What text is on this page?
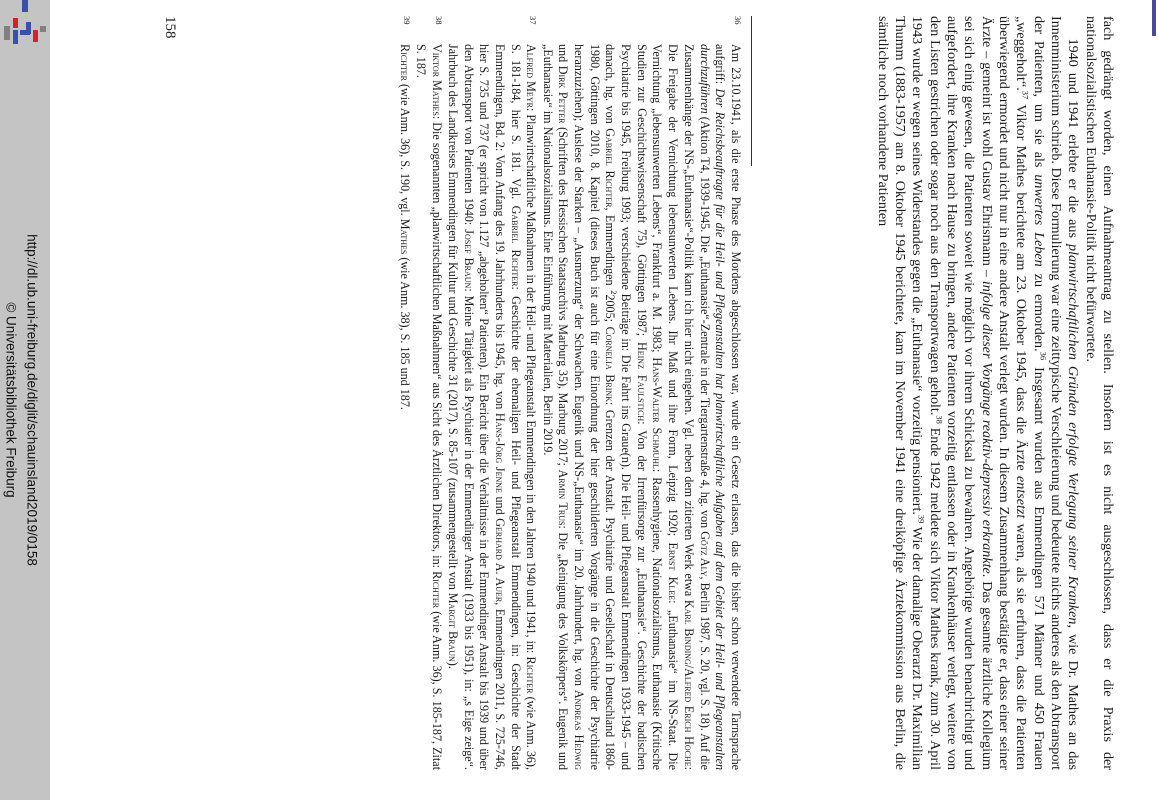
http://dl.ub.uni-freiburg.de/diglit/schauinsland2019/0158
© Universitätsbibliothek Freiburg	fach gedrängt worden, einen Aufnahmeantrag zu stellen. Insofern ist es nicht ausgeschlossen, dass er die Praxis der nationalsozialistischen Euthanasie-Politik nicht befürwortete.

1940 und 1941 erlebte er die aus planwirtschaftlichen Gründen erfolgte Verlegung seiner Kranken, wie Dr. Mathes an das Innenministerium schrieb. Diese Formulierung war eine zeittypische Verschleierung und bedeutete nichts anderes als den Abtransport der Patienten, um sie als unwertes Leben zu ermorden.$^{36}$ Insgesamt wurden aus Emmendingen 571 Männer und 450 Frauen „weggeholt“.$^{37}$ Viktor Mathes berichtete am 23. Oktober 1945, dass die Ärzte entsetzt waren, als sie erfuhren, dass die Patienten überwiegend ermordet und nicht nur in eine andere Anstalt verlegt wurden. In diesem Zusammenhang bestätigte er, dass einer seiner Ärzte – gemeint ist wohl Gustav Ehrismann – infolge dieser Vorgänge reaktiv-depressiv erkrankte. Das gesamte ärztliche Kollegium sei sich einig gewesen, die Patienten soweit wie möglich vor ihrem Schicksal zu bewahren. Angehörige wurden benachrichtigt und aufgefordert, ihre Kranken nach Hause zu bringen, andere Patienten vorzeitig entlassen oder in Krankenhäuser verlegt, weitere von den Listen gestrichen oder sogar noch aus den Transportwagen geholt.$^{38}$ Ende 1942 meldete sich Viktor Mathes krank, zum 30. April 1943 wurde er wegen seines Widerstandes gegen die „Euthanasie“ vorzeitig pensioniert.$^{39}$ Wie der damalige Oberarzt Dr. Maximilian Thumm (1883-1957) am 8. Oktober 1945 berichtete, kam im November 1941 eine dreiköpfige Ärztekommission aus Berlin, die sämtliche noch vorhandene Patienten

36
Am 23.10.1941, als die erste Phase des Mordens abgeschlossen war, wurde ein Gesetz erlassen, das die bisher schon verwendete Tarnsprache aufgriff: Der Reichsbeauftragte für die Heil- und Pflegeanstalten hat planwirtschaftliche Aufgaben auf dem Gebiet der Heil- und Pflegeanstalten durchzuführen (Aktion T4, 1939-1945. Die „Euthanasie“-Zentrale in der Tiergartenstraße 4, hg. von Götz Aly, Berlin 1987, S. 20, vgl. S. 18). Auf die Zusammenhänge der NS-„Euthanasie“-Politik kann ich hier nicht eingehen. Vgl. neben dem zitierten Werk etwa Karl Binding/Alfred Erich Hoche: Die Freigabe der Vernichtung lebensunwerten Lebens. Ihr Maß und ihre Form, Leipzig 1920; Ernst Klee: „Euthanasie“ im NS-Staat. Die Vernichtung „lebensunwerten Lebens“, Frankfurt a. M. 1983; Hans-Walter Schmuhl: Rassenhygiene, Nationalsozialismus, Euthanasie (Kritische Studien zur Geschichtswissenschaft 75), Göttingen 1987; Heinz Faulstich: Von der Irrenfürsorge zur „Euthanasie“. Geschichte der badischen Psychiatrie bis 1945, Freiburg 1993; verschiedene Beiträge in: Die Fahrt ins Graue(n). Die Heil- und Pflegeanstalt Emmendingen 1933-1945 – und danach, hg. von Gabriel Richter, Emmendingen $^2$2005; Cornelia Brink: Grenzen der Anstalt. Psychiatrie und Gesellschaft in Deutschland 1860-1980, Göttingen 2010, 8. Kapitel (dieses Buch ist auch für eine Einordnung der hier geschilderten Vorgänge in die Geschichte der Psychiatrie heranzuziehen); Auslese der Starken – „Ausmerzung“ der Schwachen. Eugenik und NS-„Euthanasie“ im 20. Jahrhundert, hg. von Andreas Hedwig und Dirk Petter (Schriften des Hessischen Staatsarchivs Marburg 35), Marburg 2017; Armin Trus: Die „Reinigung des Volkskörpers“. Eugenik und „Euthanasie“ im Nationalsozialismus. Eine Einführung mit Materialien, Berlin 2019.
37
Alfred Meyr: Planwirtschaftliche Maßnahmen in der Heil- und Pflegeanstalt Emmendingen in den Jahren 1940 und 1941, in: Richter (wie Anm. 36), S. 181-184, hier S. 181. Vgl. Gabriel Richter: Geschichte der ehemaligen Heil- und Pflegeanstalt Emmendingen, in: Geschichte der Stadt Emmendingen, Bd. 2: Vom Anfang des 19. Jahrhunderts bis 1945, hg. von Hans-Jörg Jenne und Gerhard A. Auer, Emmendingen 2011, S. 725-746, hier S. 735 und 737 (er spricht von 1.127 „abgeholten“ Patienten). Ein Bericht über die Verhältnisse in der Emmendinger Anstalt bis 1939 und über den Abtransport von Patienten 1940: Josef Braun: Meine Tätigkeit als Psychiater in der Emmendinger Anstalt (1933 bis 1951), in: „s Eige zeige“. Jahrbuch des Landkreises Emmendingen für Kultur und Geschichte 31 (2017), S. 85-107 (zusammengestellt von Margit Braun).
38
Viktor Mathes: Die sogenannten „planwirtschaftlichen Maßnahmen“ aus Sicht des Ärztlichen Direktors, in: Richter (wie Anm. 36), S. 185-187, Zitat S. 187.
39
Richter (wie Anm. 36), S. 190, vgl. Mathes (wie Anm. 38), S. 185 und 187.
158
